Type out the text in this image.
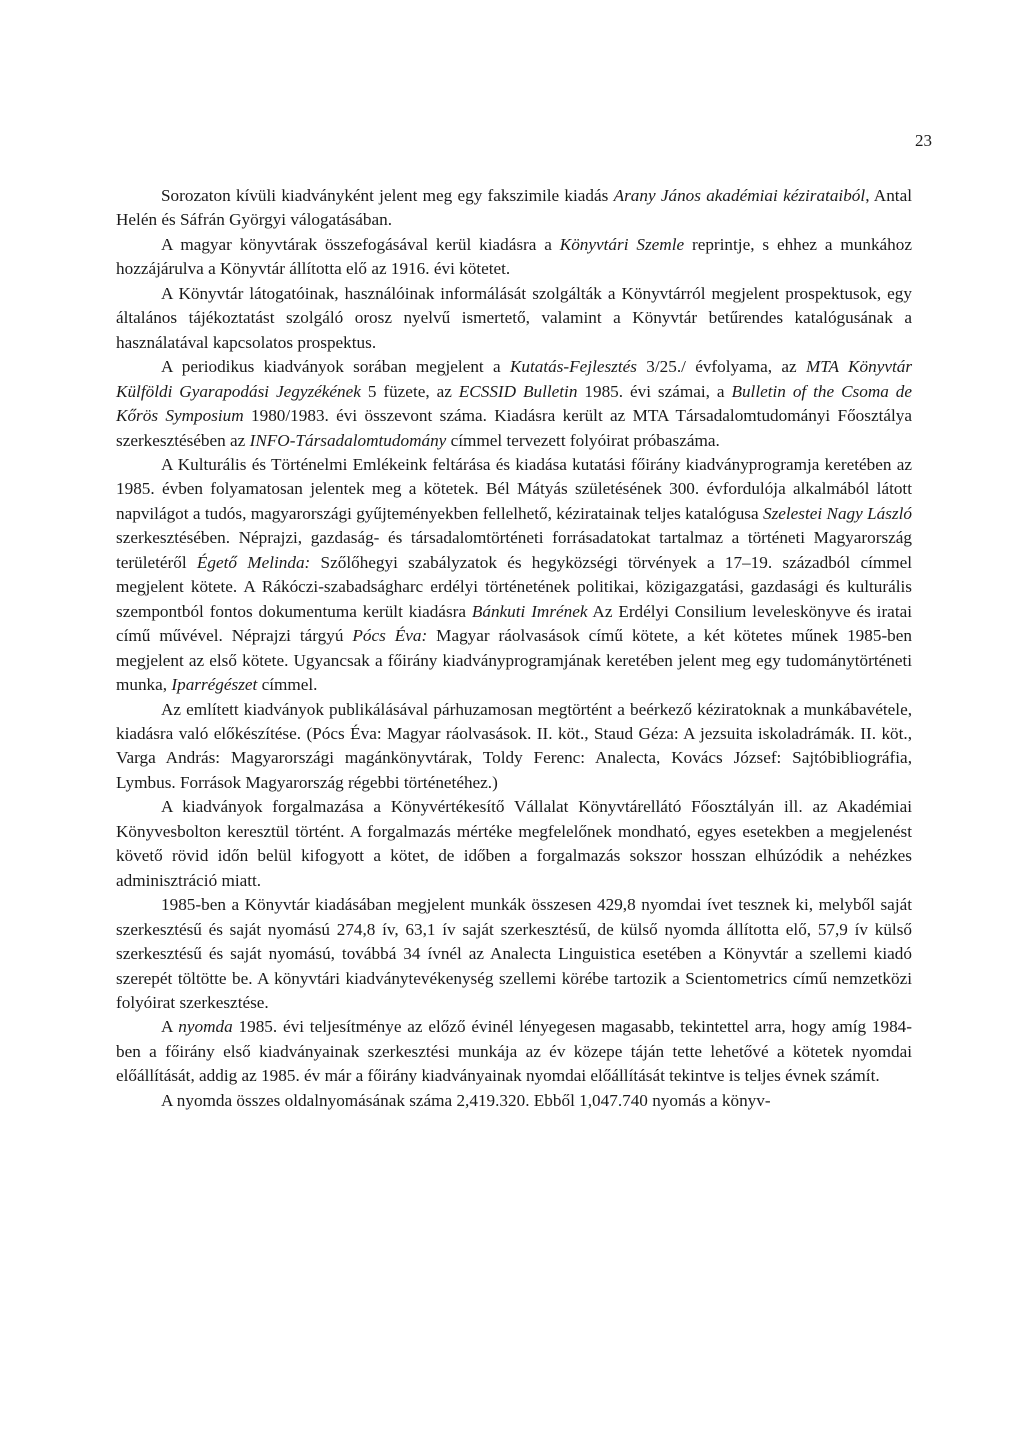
23

Sorozaton kívüli kiadványként jelent meg egy fakszimile kiadás Arany János akadémiai kézirataiból, Antal Helén és Sáfrán Györgyi válogatásában.

A magyar könyvtárak összefogásával kerül kiadásra a Könyvtári Szemle reprintje, s ehhez a munkához hozzájárulva a Könyvtár állította elő az 1916. évi kötetet.

A Könyvtár látogatóinak, használóinak informálását szolgálták a Könyvtárról megjelent prospektusok, egy általános tájékoztatást szolgáló orosz nyelvű ismertető, valamint a Könyvtár betűrendes katalógusának a használatával kapcsolatos prospektus.

A periodikus kiadványok sorában megjelent a Kutatás-Fejlesztés 3/25./ évfolyama, az MTA Könyvtár Külföldi Gyarapodási Jegyzékének 5 füzete, az ECSSID Bulletin 1985. évi számai, a Bulletin of the Csoma de Kőrös Symposium 1980/1983. évi összevont száma. Kiadásra került az MTA Társadalomtudományi Főosztálya szerkesztésében az INFO-Társadalomtudomány címmel tervezett folyóirat próbaszáma.

A Kulturális és Történelmi Emlékeink feltárása és kiadása kutatási főirány kiadványprogramja keretében az 1985. évben folyamatosan jelentek meg a kötetek. Bél Mátyás születésének 300. évfordulója alkalmából látott napvilágot a tudós, magyarországi gyűjteményekben fellelhető, kéziratainak teljes katalógusa Szelestei Nagy László szerkesztésében. Néprajzi, gazdaság- és társadalomtörténeti forrásadatokat tartalmaz a történeti Magyarország területéről Égető Melinda: Szőlőhegyi szabályzatok és hegyközségi törvények a 17–19. századból címmel megjelent kötete. A Rákóczi-szabadságharc erdélyi történetének politikai, közigazgatási, gazdasági és kulturális szempontból fontos dokumentuma került kiadásra Bánkuti Imrének Az Erdélyi Consilium leveleskönyve és iratai című művével. Néprajzi tárgyú Pócs Éva: Magyar ráolvasások című kötete, a két kötetes műnek 1985-ben megjelent az első kötete. Ugyancsak a főirány kiadványprogramjának keretében jelent meg egy tudománytörténeti munka, Iparrégészet címmel.

Az említett kiadványok publikálásával párhuzamosan megtörtént a beérkező kéziratoknak a munkábavétele, kiadásra való előkészítése. (Pócs Éva: Magyar ráolvasások. II. köt., Staud Géza: A jezsuita iskoladrámák. II. köt., Varga András: Magyarországi magánkönyvtárak, Toldy Ferenc: Analecta, Kovács József: Sajtóbibliográfia, Lymbus. Források Magyarország régebbi történetéhez.)

A kiadványok forgalmazása a Könyvértékesítő Vállalat Könyvtárellátó Főosztályán ill. az Akadémiai Könyvesbolton keresztül történt. A forgalmazás mértéke megfelelőnek mondható, egyes esetekben a megjelenést követő rövid időn belül kifogyott a kötet, de időben a forgalmazás sokszor hosszan elhúzódik a nehézkes adminisztráció miatt.

1985-ben a Könyvtár kiadásában megjelent munkák összesen 429,8 nyomdai ívet tesznek ki, melyből saját szerkesztésű és saját nyomású 274,8 ív, 63,1 ív saját szerkesztésű, de külső nyomda állította elő, 57,9 ív külső szerkesztésű és saját nyomású, továbbá 34 ívnél az Analecta Linguistica esetében a Könyvtár a szellemi kiadó szerepét töltötte be. A könyvtári kiadványtevékenység szellemi körébe tartozik a Scientometrics című nemzetközi folyóirat szerkesztése.

A nyomda 1985. évi teljesítménye az előző évinél lényegesen magasabb, tekintettel arra, hogy amíg 1984-ben a főirány első kiadványainak szerkesztési munkája az év közepe táján tette lehetővé a kötetek nyomdai előállítását, addig az 1985. év már a főirány kiadványainak nyomdai előállítását tekintve is teljes évnek számít.

A nyomda összes oldalnyomásának száma 2,419.320. Ebből 1,047.740 nyomás a könyv-
